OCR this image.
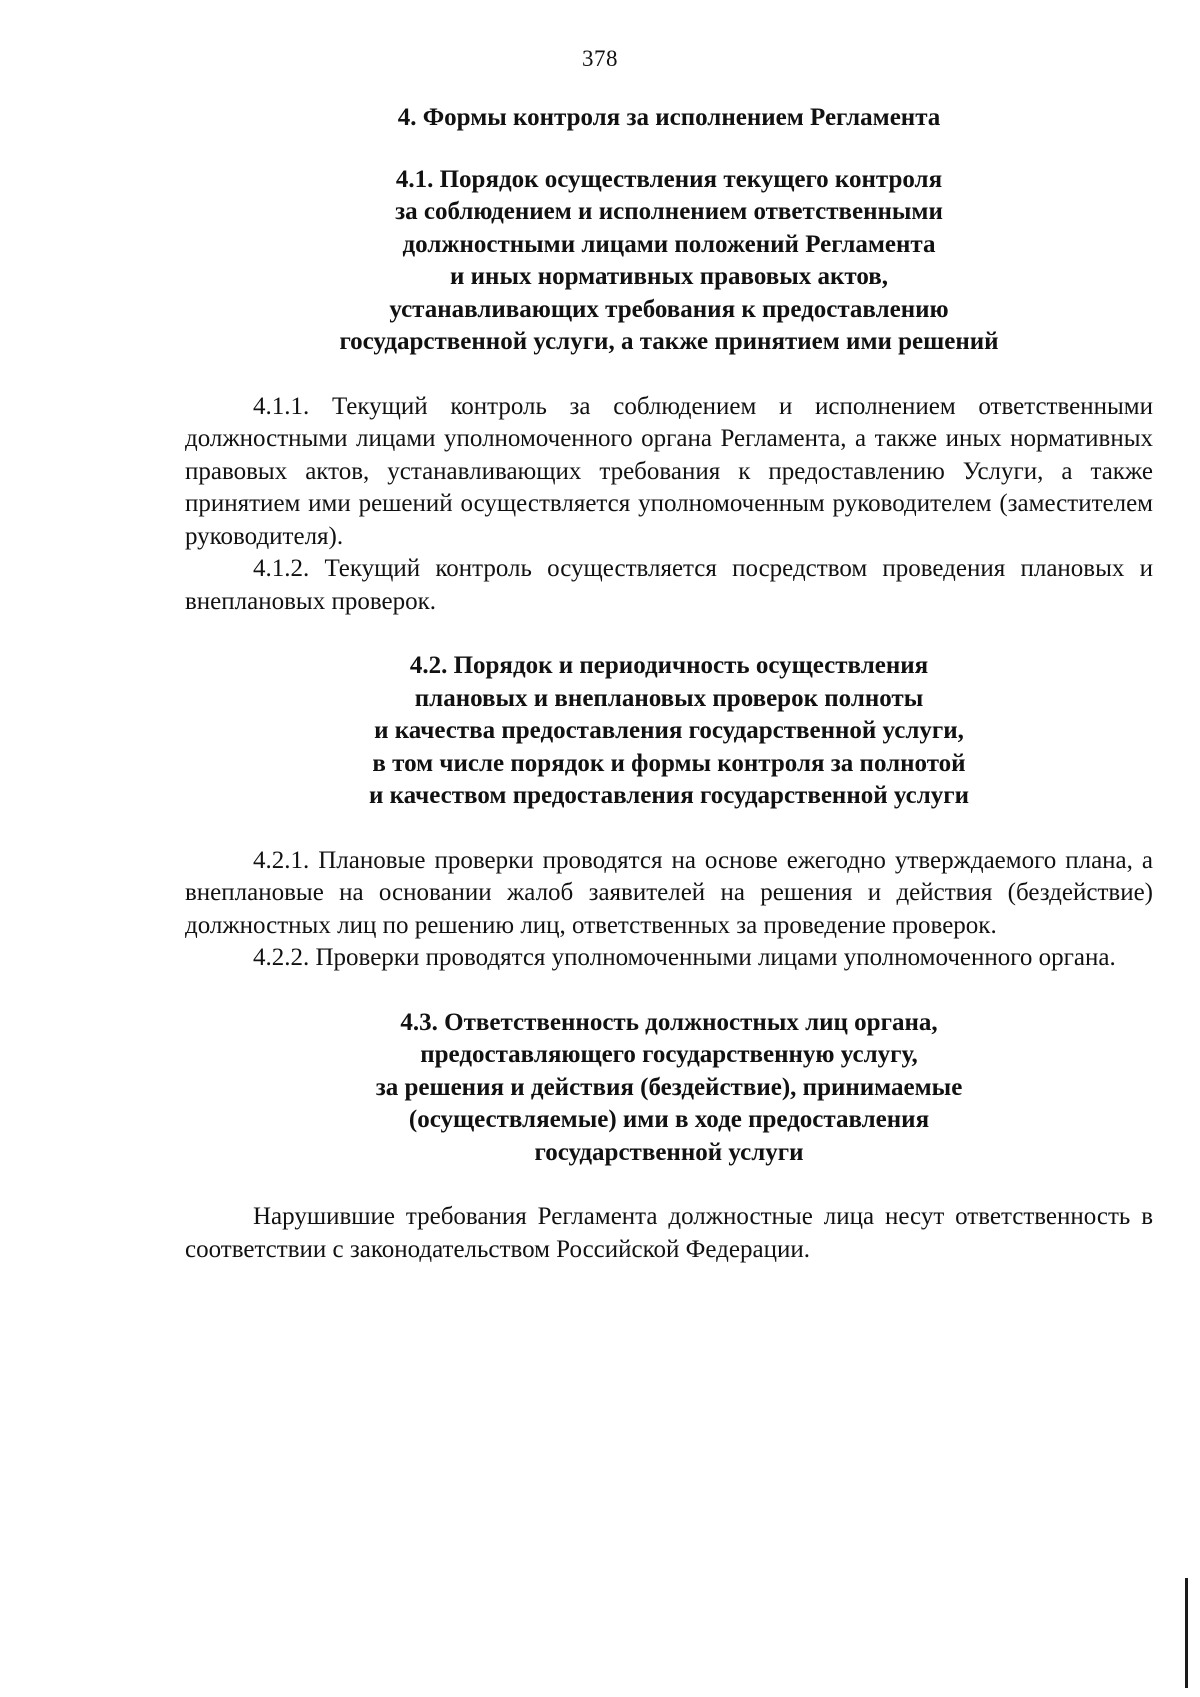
378

4. Формы контроля за исполнением Регламента

4.1. Порядок осуществления текущего контроля
за соблюдением и исполнением ответственными
должностными лицами положений Регламента
и иных нормативных правовых актов,
устанавливающих требования к предоставлению
государственной услуги, а также принятием ими решений

4.1.1. Текущий контроль за соблюдением и исполнением ответственными должностными лицами уполномоченного органа Регламента, а также иных нормативных правовых актов, устанавливающих требования к предоставлению Услуги, а также принятием ими решений осуществляется уполномоченным руководителем (заместителем руководителя).

4.1.2. Текущий контроль осуществляется посредством проведения плановых и внеплановых проверок.

4.2. Порядок и периодичность осуществления
плановых и внеплановых проверок полноты
и качества предоставления государственной услуги,
в том числе порядок и формы контроля за полнотой
и качеством предоставления государственной услуги

4.2.1. Плановые проверки проводятся на основе ежегодно утверждаемого плана, а внеплановые на основании жалоб заявителей на решения и действия (бездействие) должностных лиц по решению лиц, ответственных за проведение проверок.

4.2.2. Проверки проводятся уполномоченными лицами уполномоченного органа.

4.3. Ответственность должностных лиц органа,
предоставляющего государственную услугу,
за решения и действия (бездействие), принимаемые
(осуществляемые) ими в ходе предоставления
государственной услуги

Нарушившие требования Регламента должностные лица несут ответственность в соответствии с законодательством Российской Федерации.
